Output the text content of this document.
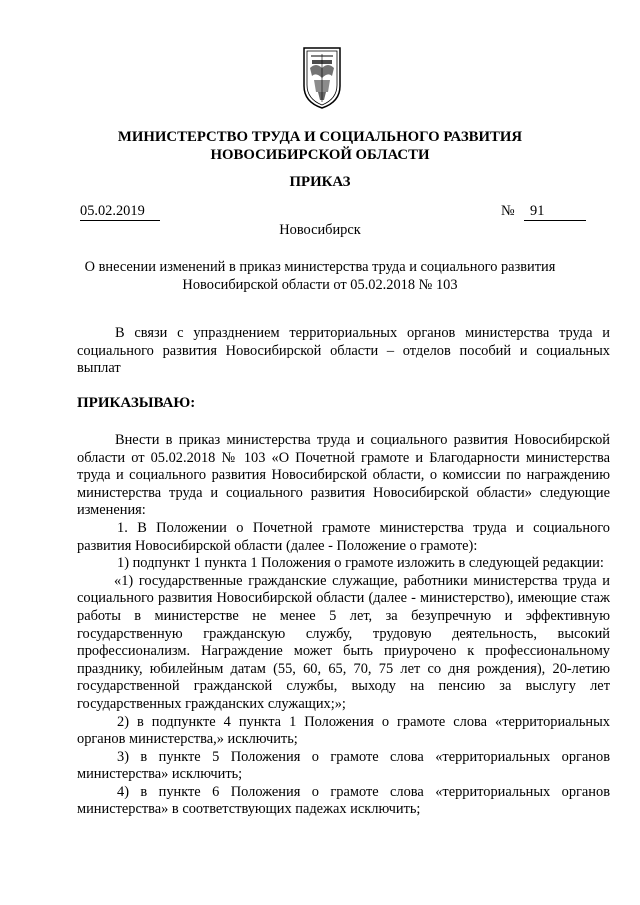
МИНИСТЕРСТВО ТРУДА И СОЦИАЛЬНОГО РАЗВИТИЯ
НОВОСИБИРСКОЙ ОБЛАСТИ
ПРИКАЗ
05.02.2019	№	91
Новосибирск
О внесении изменений в приказ министерства труда и социального развития
Новосибирской области от 05.02.2018 № 103
В связи с упразднением территориальных органов министерства труда и социального развития Новосибирской области – отделов пособий и социальных выплат
ПРИКАЗЫВАЮ:
Внести в приказ министерства труда и социального развития Новосибирской области от 05.02.2018 № 103 «О Почетной грамоте и Благодарности министерства труда и социального развития Новосибирской области, о комиссии по награждению министерства труда и социального развития Новосибирской области» следующие изменения:
1. В Положении о Почетной грамоте министерства труда и социального развития Новосибирской области (далее - Положение о грамоте):
1) подпункт 1 пункта 1 Положения о грамоте изложить в следующей редакции:
«1) государственные гражданские служащие, работники министерства труда и социального развития Новосибирской области (далее - министерство), имеющие стаж работы в министерстве не менее 5 лет, за безупречную и эффективную государственную гражданскую службу, трудовую деятельность, высокий профессионализм. Награждение может быть приурочено к профессиональному празднику, юбилейным датам (55, 60, 65, 70, 75 лет со дня рождения), 20-летию государственной гражданской службы, выходу на пенсию за выслугу лет государственных гражданских служащих;»;
2) в подпункте 4 пункта 1 Положения о грамоте слова «территориальных органов министерства,» исключить;
3) в пункте 5 Положения о грамоте слова «территориальных органов министерства» исключить;
4) в пункте 6 Положения о грамоте слова «территориальных органов министерства» в соответствующих падежах исключить;
